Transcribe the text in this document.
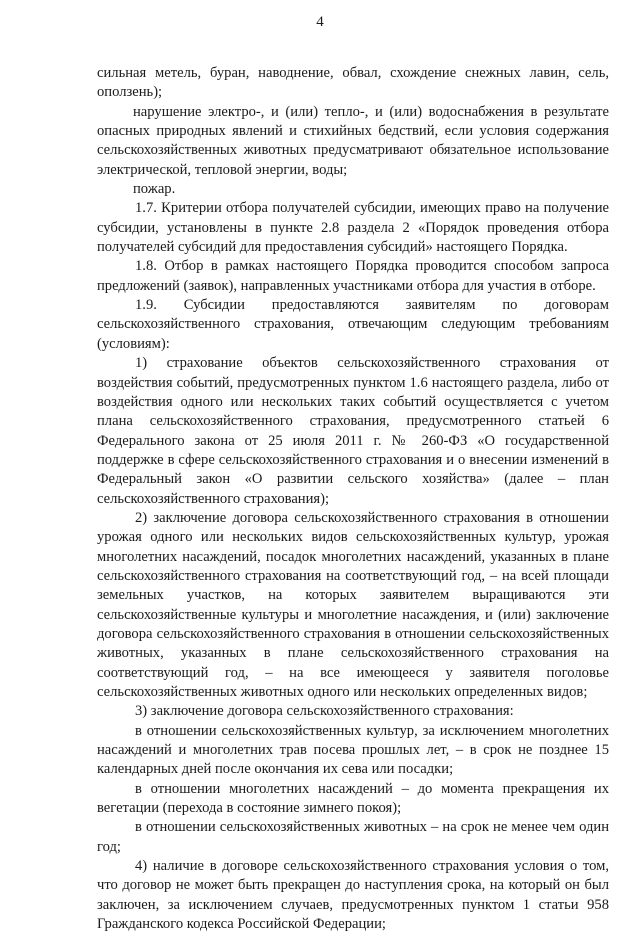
4

сильная метель, буран, наводнение, обвал, схождение снежных лавин, сель, оползень);

нарушение электро-, и (или) тепло-, и (или) водоснабжения в результате опасных природных явлений и стихийных бедствий, если условия содержания сельскохозяйственных животных предусматривают обязательное использование электрической, тепловой энергии, воды;

пожар.

1.7. Критерии отбора получателей субсидии, имеющих право на получение субсидии, установлены в пункте 2.8 раздела 2 «Порядок проведения отбора получателей субсидий для предоставления субсидий» настоящего Порядка.

1.8. Отбор в рамках настоящего Порядка проводится способом запроса предложений (заявок), направленных участниками отбора для участия в отборе.

1.9. Субсидии предоставляются заявителям по договорам сельскохозяйственного страхования, отвечающим следующим требованиям (условиям):

1) страхование объектов сельскохозяйственного страхования от воздействия событий, предусмотренных пунктом 1.6 настоящего раздела, либо от воздействия одного или нескольких таких событий осуществляется с учетом плана сельскохозяйственного страхования, предусмотренного статьей 6 Федерального закона от 25 июля 2011 г. № 260-ФЗ «О государственной поддержке в сфере сельскохозяйственного страхования и о внесении изменений в Федеральный закон «О развитии сельского хозяйства» (далее – план сельскохозяйственного страхования);

2) заключение договора сельскохозяйственного страхования в отношении урожая одного или нескольких видов сельскохозяйственных культур, урожая многолетних насаждений, посадок многолетних насаждений, указанных в плане сельскохозяйственного страхования на соответствующий год, – на всей площади земельных участков, на которых заявителем выращиваются эти сельскохозяйственные культуры и многолетние насаждения, и (или) заключение договора сельскохозяйственного страхования в отношении сельскохозяйственных животных, указанных в плане сельскохозяйственного страхования на соответствующий год, – на все имеющееся у заявителя поголовье сельскохозяйственных животных одного или нескольких определенных видов;

3) заключение договора сельскохозяйственного страхования:

в отношении сельскохозяйственных культур, за исключением многолетних насаждений и многолетних трав посева прошлых лет, – в срок не позднее 15 календарных дней после окончания их сева или посадки;

в отношении многолетних насаждений – до момента прекращения их вегетации (перехода в состояние зимнего покоя);

в отношении сельскохозяйственных животных – на срок не менее чем один год;

4) наличие в договоре сельскохозяйственного страхования условия о том, что договор не может быть прекращен до наступления срока, на который он был заключен, за исключением случаев, предусмотренных пунктом 1 статьи 958 Гражданского кодекса Российской Федерации;
